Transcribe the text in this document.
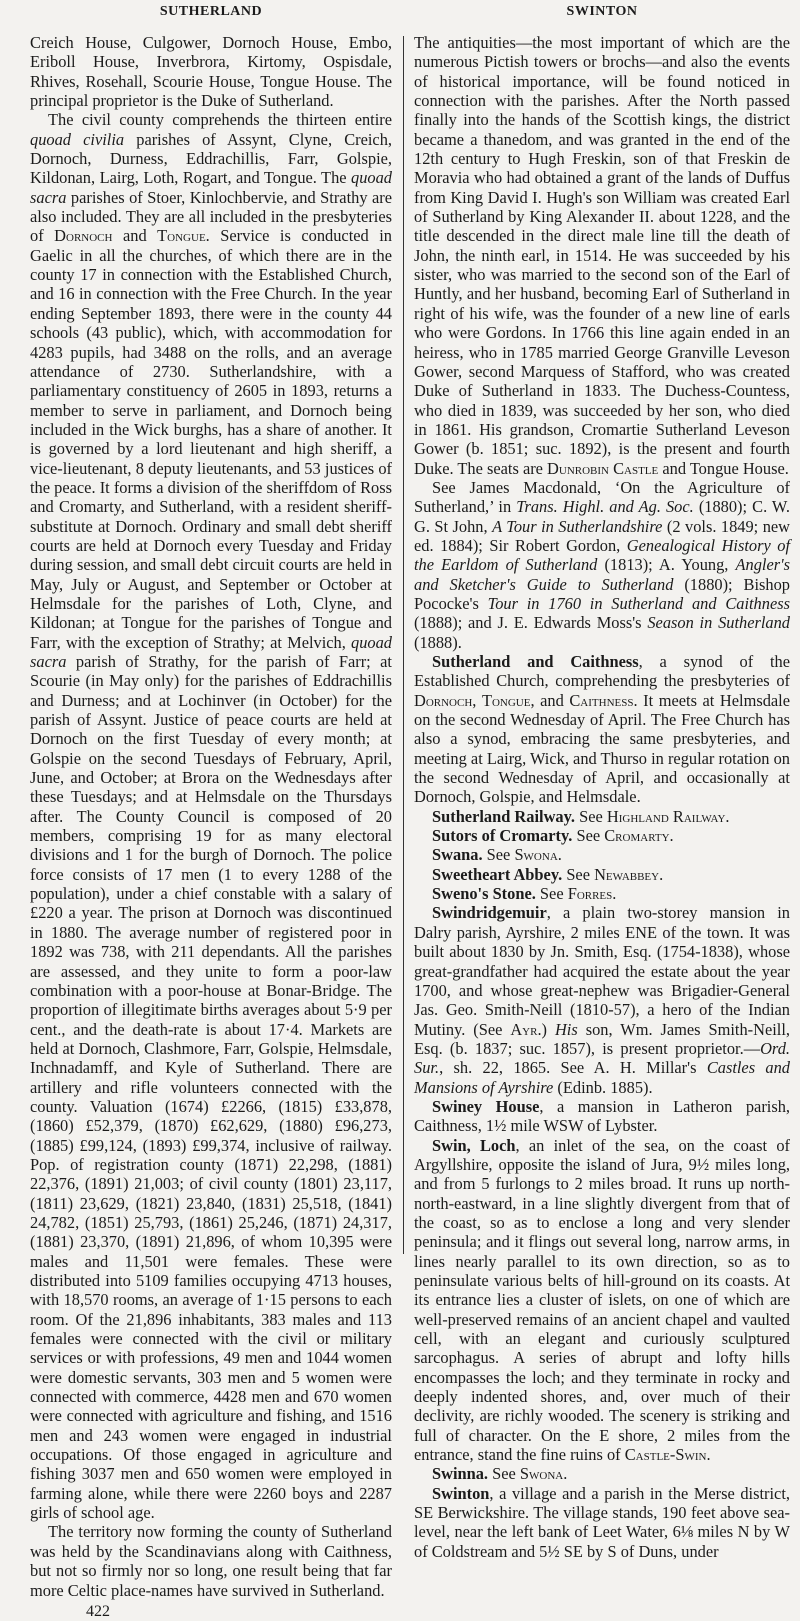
SUTHERLAND	SWINTON

Creich House, Culgower, Dornoch House, Embo, Eriboll House, Inverbrora, Kirtomy, Ospisdale, Rhives, Rosehall, Scourie House, Tongue House. The principal proprietor is the Duke of Sutherland.

The civil county comprehends the thirteen entire quoad civilia parishes of Assynt, Clyne, Creich, Dornoch, Durness, Eddrachillis, Farr, Golspie, Kildonan, Lairg, Loth, Rogart, and Tongue. The quoad sacra parishes of Stoer, Kinlochbervie, and Strathy are also included. They are all included in the presbyteries of Dornoch and Tongue. Service is conducted in Gaelic in all the churches, of which there are in the county 17 in connection with the Established Church, and 16 in connection with the Free Church. In the year ending September 1893, there were in the county 44 schools (43 public), which, with accommodation for 4283 pupils, had 3488 on the rolls, and an average attendance of 2730. Sutherlandshire, with a parliamentary constituency of 2605 in 1893, returns a member to serve in parliament, and Dornoch being included in the Wick burghs, has a share of another. It is governed by a lord lieutenant and high sheriff, a vice-lieutenant, 8 deputy lieutenants, and 53 justices of the peace. It forms a division of the sheriffdom of Ross and Cromarty, and Sutherland, with a resident sheriff-substitute at Dornoch. Ordinary and small debt sheriff courts are held at Dornoch every Tuesday and Friday during session, and small debt circuit courts are held in May, July or August, and September or October at Helmsdale for the parishes of Loth, Clyne, and Kildonan; at Tongue for the parishes of Tongue and Farr, with the exception of Strathy; at Melvich, quoad sacra parish of Strathy, for the parish of Farr; at Scourie (in May only) for the parishes of Eddrachillis and Durness; and at Lochinver (in October) for the parish of Assynt. Justice of peace courts are held at Dornoch on the first Tuesday of every month; at Golspie on the second Tuesdays of February, April, June, and October; at Brora on the Wednesdays after these Tuesdays; and at Helmsdale on the Thursdays after. The County Council is composed of 20 members, comprising 19 for as many electoral divisions and 1 for the burgh of Dornoch. The police force consists of 17 men (1 to every 1288 of the population), under a chief constable with a salary of £220 a year. The prison at Dornoch was discontinued in 1880. The average number of registered poor in 1892 was 738, with 211 dependants. All the parishes are assessed, and they unite to form a poor-law combination with a poor-house at Bonar-Bridge. The proportion of illegitimate births averages about 5·9 per cent., and the death-rate is about 17·4. Markets are held at Dornoch, Clashmore, Farr, Golspie, Helmsdale, Inchnadamff, and Kyle of Sutherland. There are artillery and rifle volunteers connected with the county. Valuation (1674) £2266, (1815) £33,878, (1860) £52,379, (1870) £62,629, (1880) £96,273, (1885) £99,124, (1893) £99,374, inclusive of railway. Pop. of registration county (1871) 22,298, (1881) 22,376, (1891) 21,003; of civil county (1801) 23,117, (1811) 23,629, (1821) 23,840, (1831) 25,518, (1841) 24,782, (1851) 25,793, (1861) 25,246, (1871) 24,317, (1881) 23,370, (1891) 21,896, of whom 10,395 were males and 11,501 were females. These were distributed into 5109 families occupying 4713 houses, with 18,570 rooms, an average of 1·15 persons to each room. Of the 21,896 inhabitants, 383 males and 113 females were connected with the civil or military services or with professions, 49 men and 1044 women were domestic servants, 303 men and 5 women were connected with commerce, 4428 men and 670 women were connected with agriculture and fishing, and 1516 men and 243 women were engaged in industrial occupations. Of those engaged in agriculture and fishing 3037 men and 650 women were employed in farming alone, while there were 2260 boys and 2287 girls of school age.

The territory now forming the county of Sutherland was held by the Scandinavians along with Caithness, but not so firmly nor so long, one result being that far more Celtic place-names have survived in Sutherland.

422

The antiquities—the most important of which are the numerous Pictish towers or brochs—and also the events of historical importance, will be found noticed in connection with the parishes. After the North passed finally into the hands of the Scottish kings, the district became a thanedom, and was granted in the end of the 12th century to Hugh Freskin, son of that Freskin de Moravia who had obtained a grant of the lands of Duffus from King David I. Hugh's son William was created Earl of Sutherland by King Alexander II. about 1228, and the title descended in the direct male line till the death of John, the ninth earl, in 1514. He was succeeded by his sister, who was married to the second son of the Earl of Huntly, and her husband, becoming Earl of Sutherland in right of his wife, was the founder of a new line of earls who were Gordons. In 1766 this line again ended in an heiress, who in 1785 married George Granville Leveson Gower, second Marquess of Stafford, who was created Duke of Sutherland in 1833. The Duchess-Countess, who died in 1839, was succeeded by her son, who died in 1861. His grandson, Cromartie Sutherland Leveson Gower (b. 1851; suc. 1892), is the present and fourth Duke. The seats are Dunrobin Castle and Tongue House.

See James Macdonald, ‘On the Agriculture of Sutherland,’ in Trans. Highl. and Ag. Soc. (1880); C. W. G. St John, A Tour in Sutherlandshire (2 vols. 1849; new ed. 1884); Sir Robert Gordon, Genealogical History of the Earldom of Sutherland (1813); A. Young, Angler's and Sketcher's Guide to Sutherland (1880); Bishop Pococke's Tour in 1760 in Sutherland and Caithness (1888); and J. E. Edwards Moss's Season in Sutherland (1888).

Sutherland and Caithness, a synod of the Established Church, comprehending the presbyteries of Dornoch, Tongue, and Caithness. It meets at Helmsdale on the second Wednesday of April. The Free Church has also a synod, embracing the same presbyteries, and meeting at Lairg, Wick, and Thurso in regular rotation on the second Wednesday of April, and occasionally at Dornoch, Golspie, and Helmsdale.

Sutherland Railway. See Highland Railway.

Sutors of Cromarty. See Cromarty.

Swana. See Swona.

Sweetheart Abbey. See Newabbey.

Sweno's Stone. See Forres.

Swindridgemuir, a plain two-storey mansion in Dalry parish, Ayrshire, 2 miles ENE of the town. It was built about 1830 by Jn. Smith, Esq. (1754-1838), whose great-grandfather had acquired the estate about the year 1700, and whose great-nephew was Brigadier-General Jas. Geo. Smith-Neill (1810-57), a hero of the Indian Mutiny. (See Ayr.) His son, Wm. James Smith-Neill, Esq. (b. 1837; suc. 1857), is present proprietor.—Ord. Sur., sh. 22, 1865. See A. H. Millar's Castles and Mansions of Ayrshire (Edinb. 1885).

Swiney House, a mansion in Latheron parish, Caithness, 1½ mile WSW of Lybster.

Swin, Loch, an inlet of the sea, on the coast of Argyllshire, opposite the island of Jura, 9½ miles long, and from 5 furlongs to 2 miles broad. It runs up north-north-eastward, in a line slightly divergent from that of the coast, so as to enclose a long and very slender peninsula; and it flings out several long, narrow arms, in lines nearly parallel to its own direction, so as to peninsulate various belts of hill-ground on its coasts. At its entrance lies a cluster of islets, on one of which are well-preserved remains of an ancient chapel and vaulted cell, with an elegant and curiously sculptured sarcophagus. A series of abrupt and lofty hills encompasses the loch; and they terminate in rocky and deeply indented shores, and, over much of their declivity, are richly wooded. The scenery is striking and full of character. On the E shore, 2 miles from the entrance, stand the fine ruins of Castle-Swin.

Swinna. See Swona.

Swinton, a village and a parish in the Merse district, SE Berwickshire. The village stands, 190 feet above sea-level, near the left bank of Leet Water, 6⅛ miles N by W of Coldstream and 5½ SE by S of Duns, under
